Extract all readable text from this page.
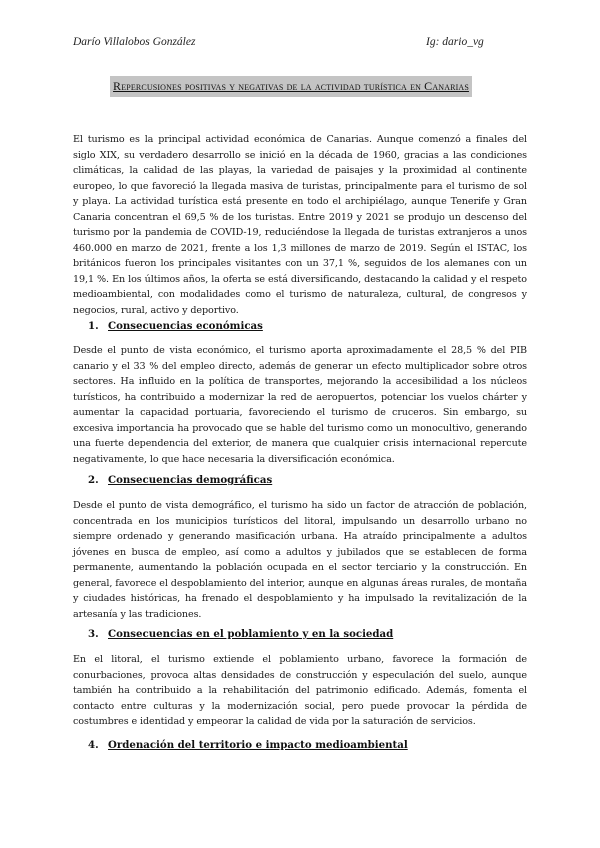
Darío Villalobos González	Ig: dario_vg
Repercusiones positivas y negativas de la actividad turística en Canarias

El turismo es la principal actividad económica de Canarias. Aunque comenzó a finales del siglo XIX, su verdadero desarrollo se inició en la década de 1960, gracias a las condiciones climáticas, la calidad de las playas, la variedad de paisajes y la proximidad al continente europeo, lo que favoreció la llegada masiva de turistas, principalmente para el turismo de sol y playa. La actividad turística está presente en todo el archipiélago, aunque Tenerife y Gran Canaria concentran el 69,5 % de los turistas. Entre 2019 y 2021 se produjo un descenso del turismo por la pandemia de COVID-19, reduciéndose la llegada de turistas extranjeros a unos 460.000 en marzo de 2021, frente a los 1,3 millones de marzo de 2019. Según el ISTAC, los británicos fueron los principales visitantes con un 37,1 %, seguidos de los alemanes con un 19,1 %. En los últimos años, la oferta se está diversificando, destacando la calidad y el respeto medioambiental, con modalidades como el turismo de naturaleza, cultural, de congresos y negocios, rural, activo y deportivo.

1. Consecuencias económicas

Desde el punto de vista económico, el turismo aporta aproximadamente el 28,5 % del PIB canario y el 33 % del empleo directo, además de generar un efecto multiplicador sobre otros sectores. Ha influido en la política de transportes, mejorando la accesibilidad a los núcleos turísticos, ha contribuido a modernizar la red de aeropuertos, potenciar los vuelos chárter y aumentar la capacidad portuaria, favoreciendo el turismo de cruceros. Sin embargo, su excesiva importancia ha provocado que se hable del turismo como un monocultivo, generando una fuerte dependencia del exterior, de manera que cualquier crisis internacional repercute negativamente, lo que hace necesaria la diversificación económica.

2. Consecuencias demográficas

Desde el punto de vista demográfico, el turismo ha sido un factor de atracción de población, concentrada en los municipios turísticos del litoral, impulsando un desarrollo urbano no siempre ordenado y generando masificación urbana. Ha atraído principalmente a adultos jóvenes en busca de empleo, así como a adultos y jubilados que se establecen de forma permanente, aumentando la población ocupada en el sector terciario y la construcción. En general, favorece el despoblamiento del interior, aunque en algunas áreas rurales, de montaña y ciudades históricas, ha frenado el despoblamiento y ha impulsado la revitalización de la artesanía y las tradiciones.

3. Consecuencias en el poblamiento y en la sociedad

En el litoral, el turismo extiende el poblamiento urbano, favorece la formación de conurbaciones, provoca altas densidades de construcción y especulación del suelo, aunque también ha contribuido a la rehabilitación del patrimonio edificado. Además, fomenta el contacto entre culturas y la modernización social, pero puede provocar la pérdida de costumbres e identidad y empeorar la calidad de vida por la saturación de servicios.

4. Ordenación del territorio e impacto medioambiental
